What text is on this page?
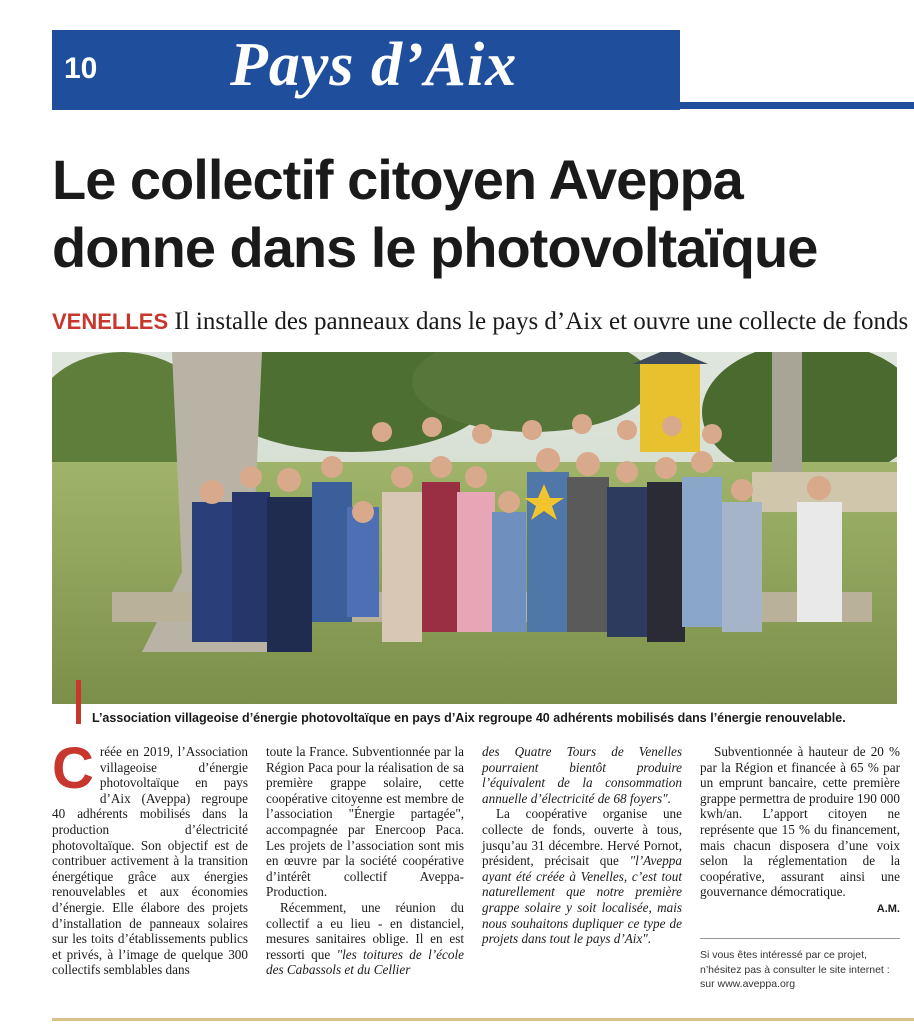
10 Pays d’Aix
Le collectif citoyen Aveppa donne dans le photovoltaïque
VENELLES Il installe des panneaux dans le pays d’Aix et ouvre une collecte de fonds
L’association villageoise d’énergie photovoltaïque en pays d’Aix regroupe 40 adhérents mobilisés dans l’énergie renouvelable.

Créée en 2019, l’Association villageoise d’énergie photovoltaïque en pays d’Aix (Aveppa) regroupe 40 adhérents mobilisés dans la production d’électricité photovoltaïque. Son objectif est de contribuer activement à la transition énergétique grâce aux énergies renouvelables et aux économies d’énergie. Elle élabore des projets d’installation de panneaux solaires sur les toits d’établissements publics et privés, à l’image de quelque 300 collectifs semblables dans

toute la France. Subventionnée par la Région Paca pour la réalisation de sa première grappe solaire, cette coopérative citoyenne est membre de l’association "Énergie partagée", accompagnée par Enercoop Paca. Les projets de l’association sont mis en œuvre par la société coopérative d’intérêt collectif Aveppa-Production.

Récemment, une réunion du collectif a eu lieu - en distanciel, mesures sanitaires oblige. Il en est ressorti que "les toitures de l’école des Cabassols et du Cellier

des Quatre Tours de Venelles pourraient bientôt produire l’équivalent de la consommation annuelle d’électricité de 68 foyers".

La coopérative organise une collecte de fonds, ouverte à tous, jusqu’au 31 décembre. Hervé Pornot, président, précisait que "l’Aveppa ayant été créée à Venelles, c’est tout naturellement que notre première grappe solaire y soit localisée, mais nous souhaitons dupliquer ce type de projets dans tout le pays d’Aix".

Subventionnée à hauteur de 20 % par la Région et financée à 65 % par un emprunt bancaire, cette première grappe permettra de produire 190 000 kwh/an. L’apport citoyen ne représente que 15 % du financement, mais chacun disposera d’une voix selon la réglementation de la coopérative, assurant ainsi une gouvernance démocratique.

A.M.
Si vous êtes intéressé par ce projet, n’hésitez pas à consulter le site internet : sur www.aveppa.org
